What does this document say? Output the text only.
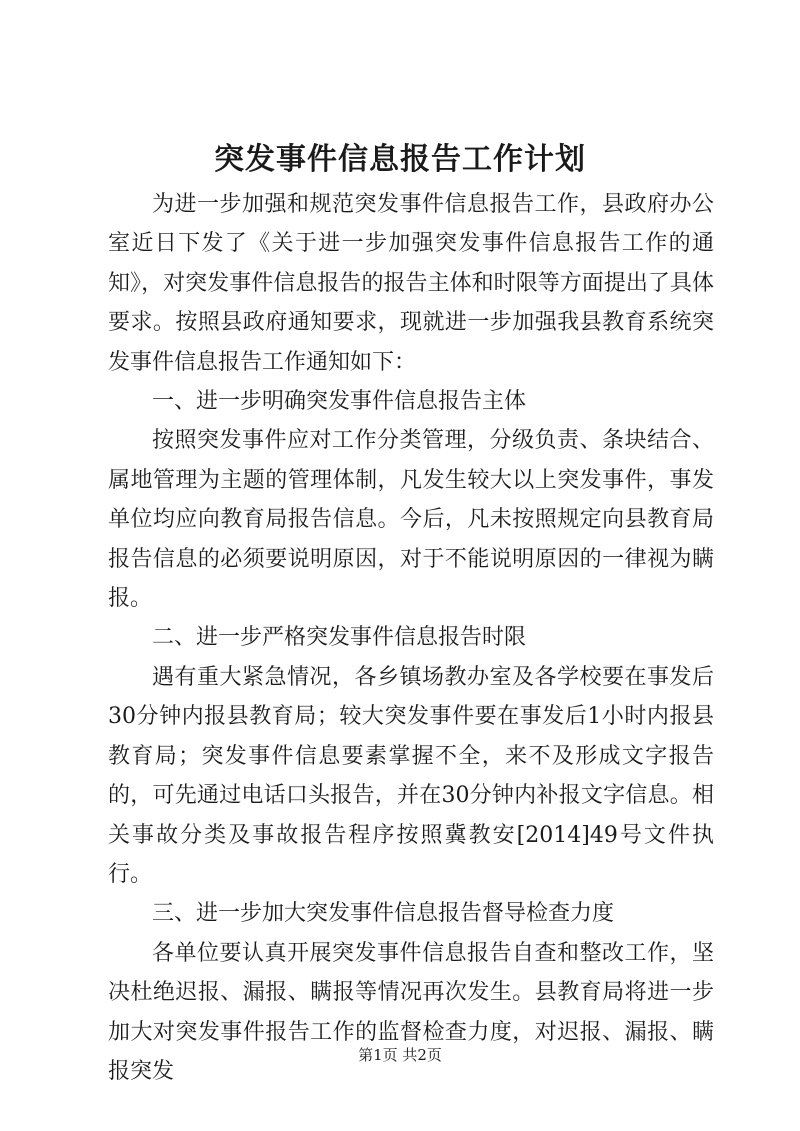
突发事件信息报告工作计划

为进一步加强和规范突发事件信息报告工作，县政府办公室近日下发了《关于进一步加强突发事件信息报告工作的通知》，对突发事件信息报告的报告主体和时限等方面提出了具体要求。按照县政府通知要求，现就进一步加强我县教育系统突发事件信息报告工作通知如下：

一、进一步明确突发事件信息报告主体

按照突发事件应对工作分类管理，分级负责、条块结合、属地管理为主题的管理体制，凡发生较大以上突发事件，事发单位均应向教育局报告信息。今后，凡未按照规定向县教育局报告信息的必须要说明原因，对于不能说明原因的一律视为瞒报。

二、进一步严格突发事件信息报告时限

遇有重大紧急情况，各乡镇场教办室及各学校要在事发后30分钟内报县教育局；较大突发事件要在事发后1小时内报县教育局；突发事件信息要素掌握不全，来不及形成文字报告的，可先通过电话口头报告，并在30分钟内补报文字信息。相关事故分类及事故报告程序按照冀教安[2014]49号文件执行。

三、进一步加大突发事件信息报告督导检查力度

各单位要认真开展突发事件信息报告自查和整改工作，坚决杜绝迟报、漏报、瞒报等情况再次发生。县教育局将进一步加大对突发事件报告工作的监督检查力度，对迟报、漏报、瞒报突发

第1页 共2页
